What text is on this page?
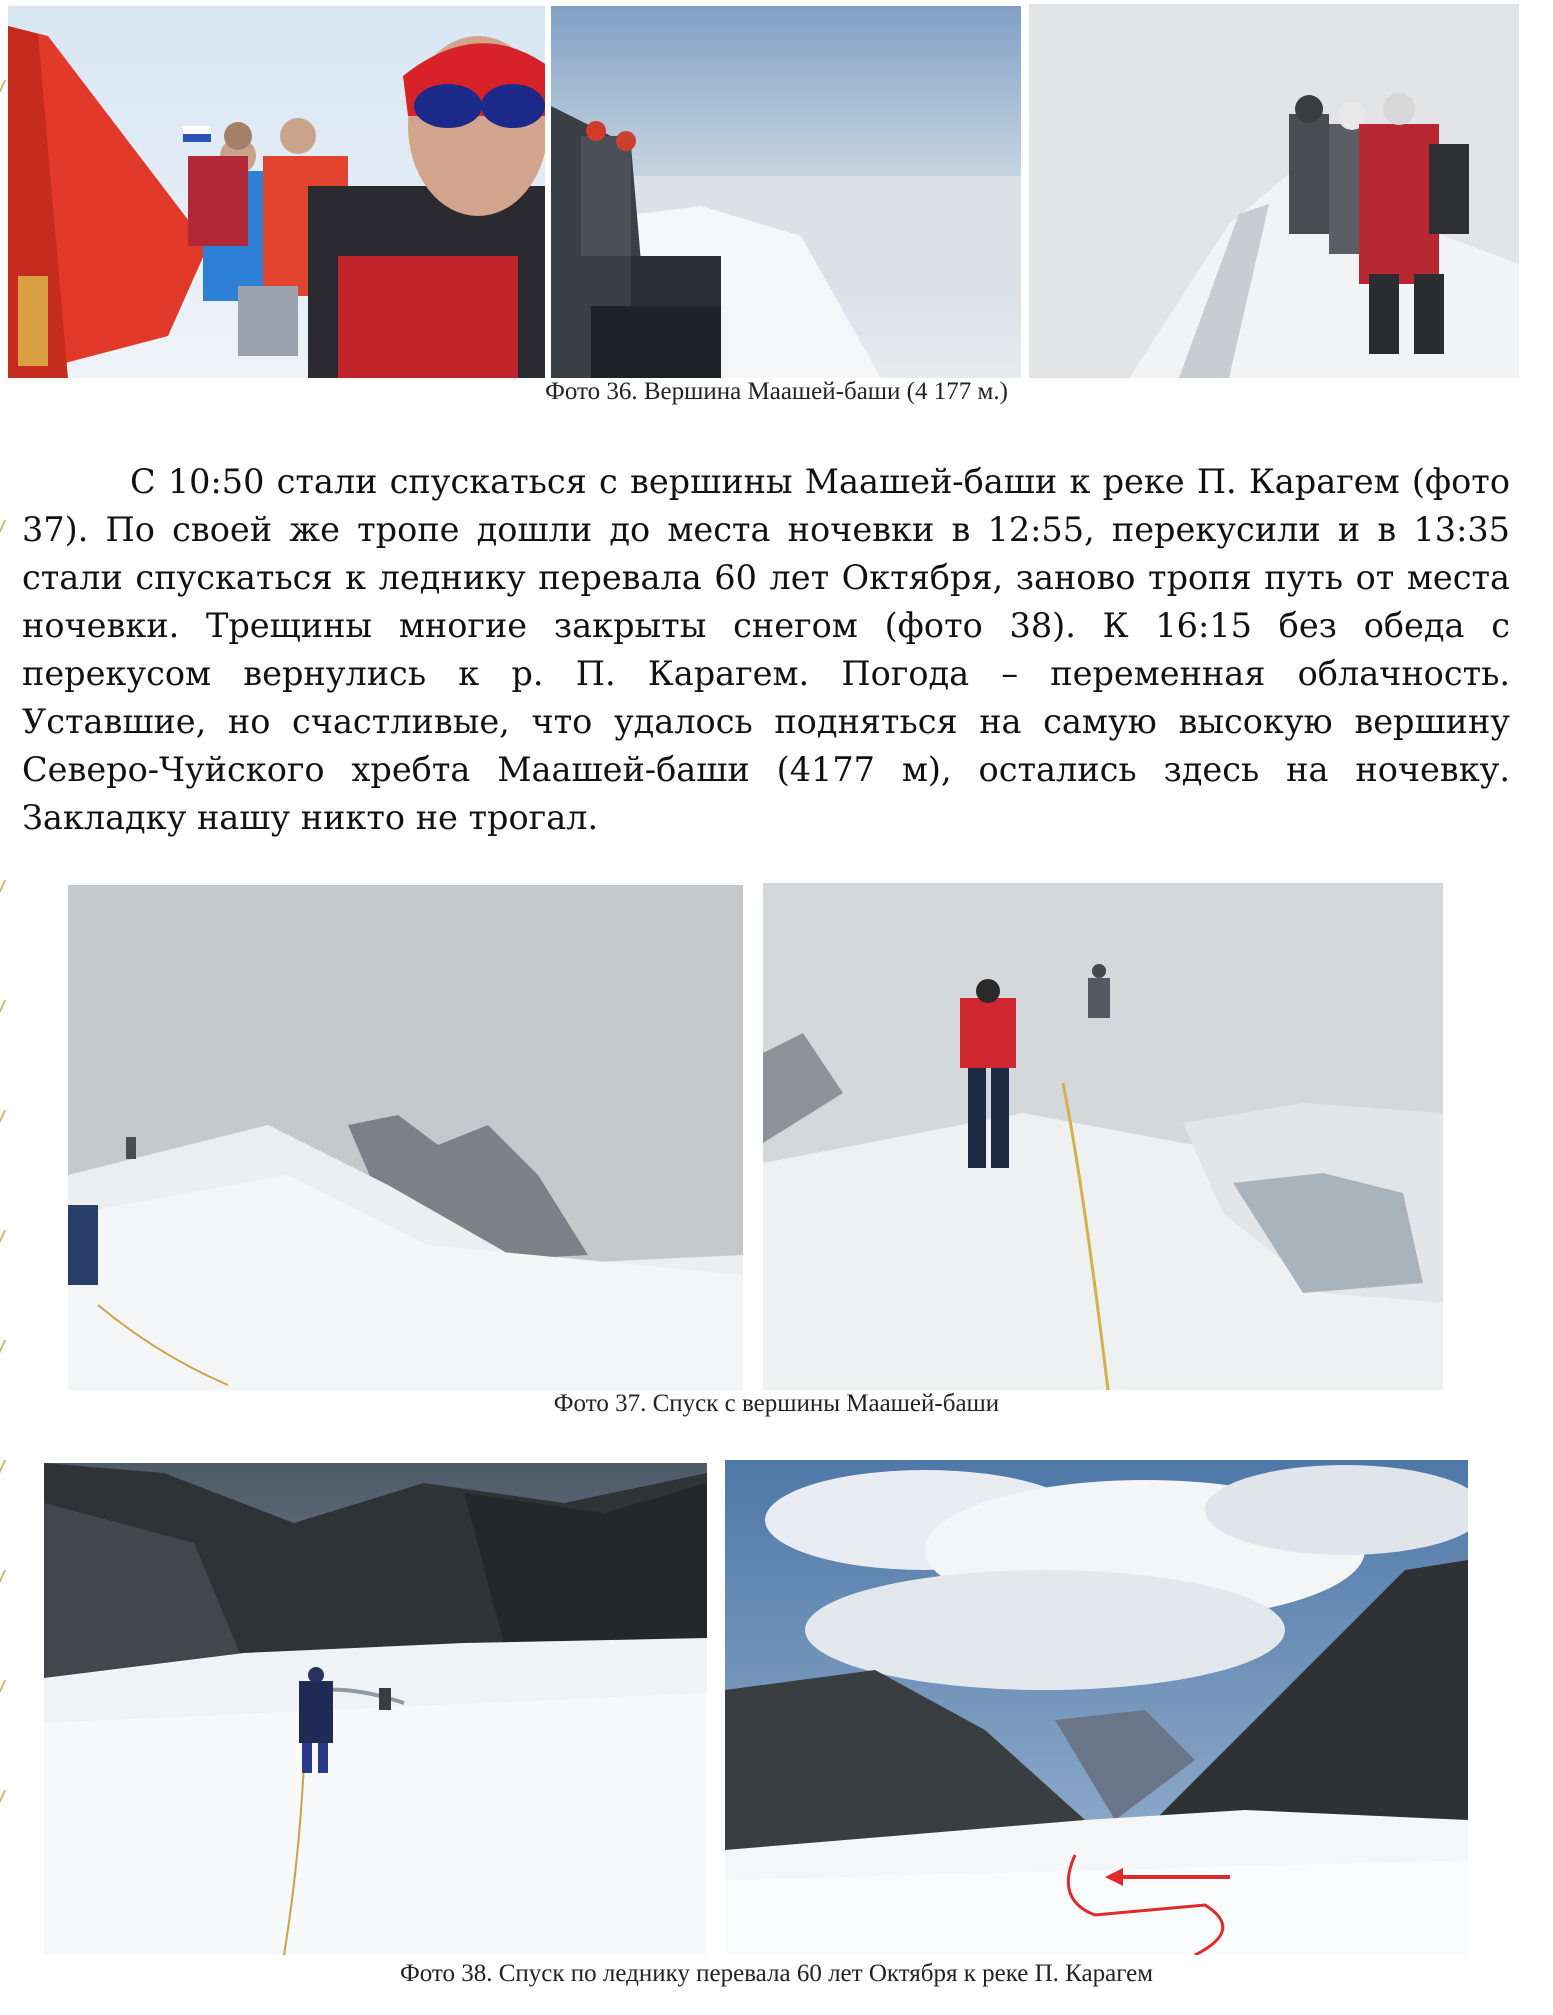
Фото 36. Вершина Маашей-баши (4 177 м.)

С 10:50 стали спускаться с вершины Маашей-баши к реке П. Карагем (фото 37). По своей же тропе дошли до места ночевки в 12:55, перекусили и в 13:35 стали спускаться к леднику перевала 60 лет Октября, заново тропя путь от места ночевки. Трещины многие закрыты снегом (фото 38). К 16:15 без обеда с перекусом вернулись к р. П. Карагем. Погода – переменная облачность. Уставшие, но счастливые, что удалось подняться на самую высокую вершину Северо-Чуйского хребта Маашей-баши (4177 м), остались здесь на ночевку. Закладку нашу никто не трогал.

Фото 37. Спуск с вершины Маашей-баши
Фото 38. Спуск по леднику перевала 60 лет Октября к реке П. Карагем
